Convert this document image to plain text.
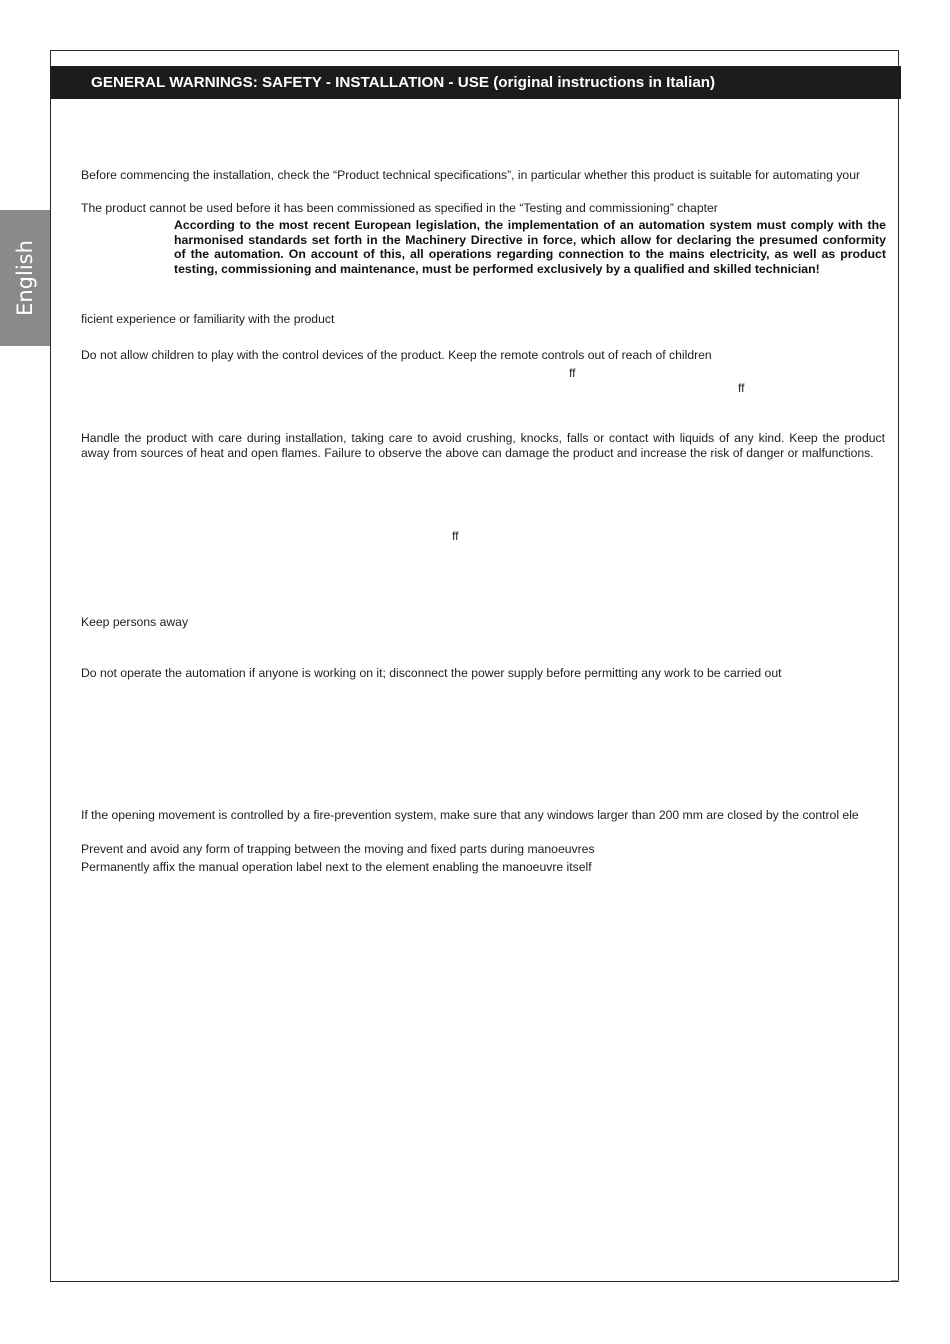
GENERAL WARNINGS: SAFETY - INSTALLATION - USE (original instructions in Italian)
English
Before commencing the installation, check the “Product technical specifications”, in particular whether this product is suitable for automating your
The product cannot be used before it has been commissioned as specified in the “Testing and commissioning” chapter
According to the most recent European legislation, the implementation of an automation system must comply with the
harmonised standards set forth in the Machinery Directive in force, which allow for declaring the presumed conformity
of the automation. On account of this, all operations regarding connection to the mains electricity, as well as product
testing, commissioning and maintenance, must be performed exclusively by a qualified and skilled technician!
ficient experience or familiarity with the product
Do not allow children to play with the control devices of the product. Keep the remote controls out of reach of children
ff
ff
Handle the product with care during installation, taking care to avoid crushing, knocks, falls or contact with liquids of any kind. Keep the product
away from sources of heat and open flames. Failure to observe the above can damage the product and increase the risk of danger or malfunctions.
ff
Keep persons away
Do not operate the automation if anyone is working on it; disconnect the power supply before permitting any work to be carried out
If the opening movement is controlled by a fire-prevention system, make sure that any windows larger than 200 mm are closed by the control ele
Prevent and avoid any form of trapping between the moving and fixed parts during manoeuvres
Permanently affix the manual operation label next to the element enabling the manoeuvre itself
